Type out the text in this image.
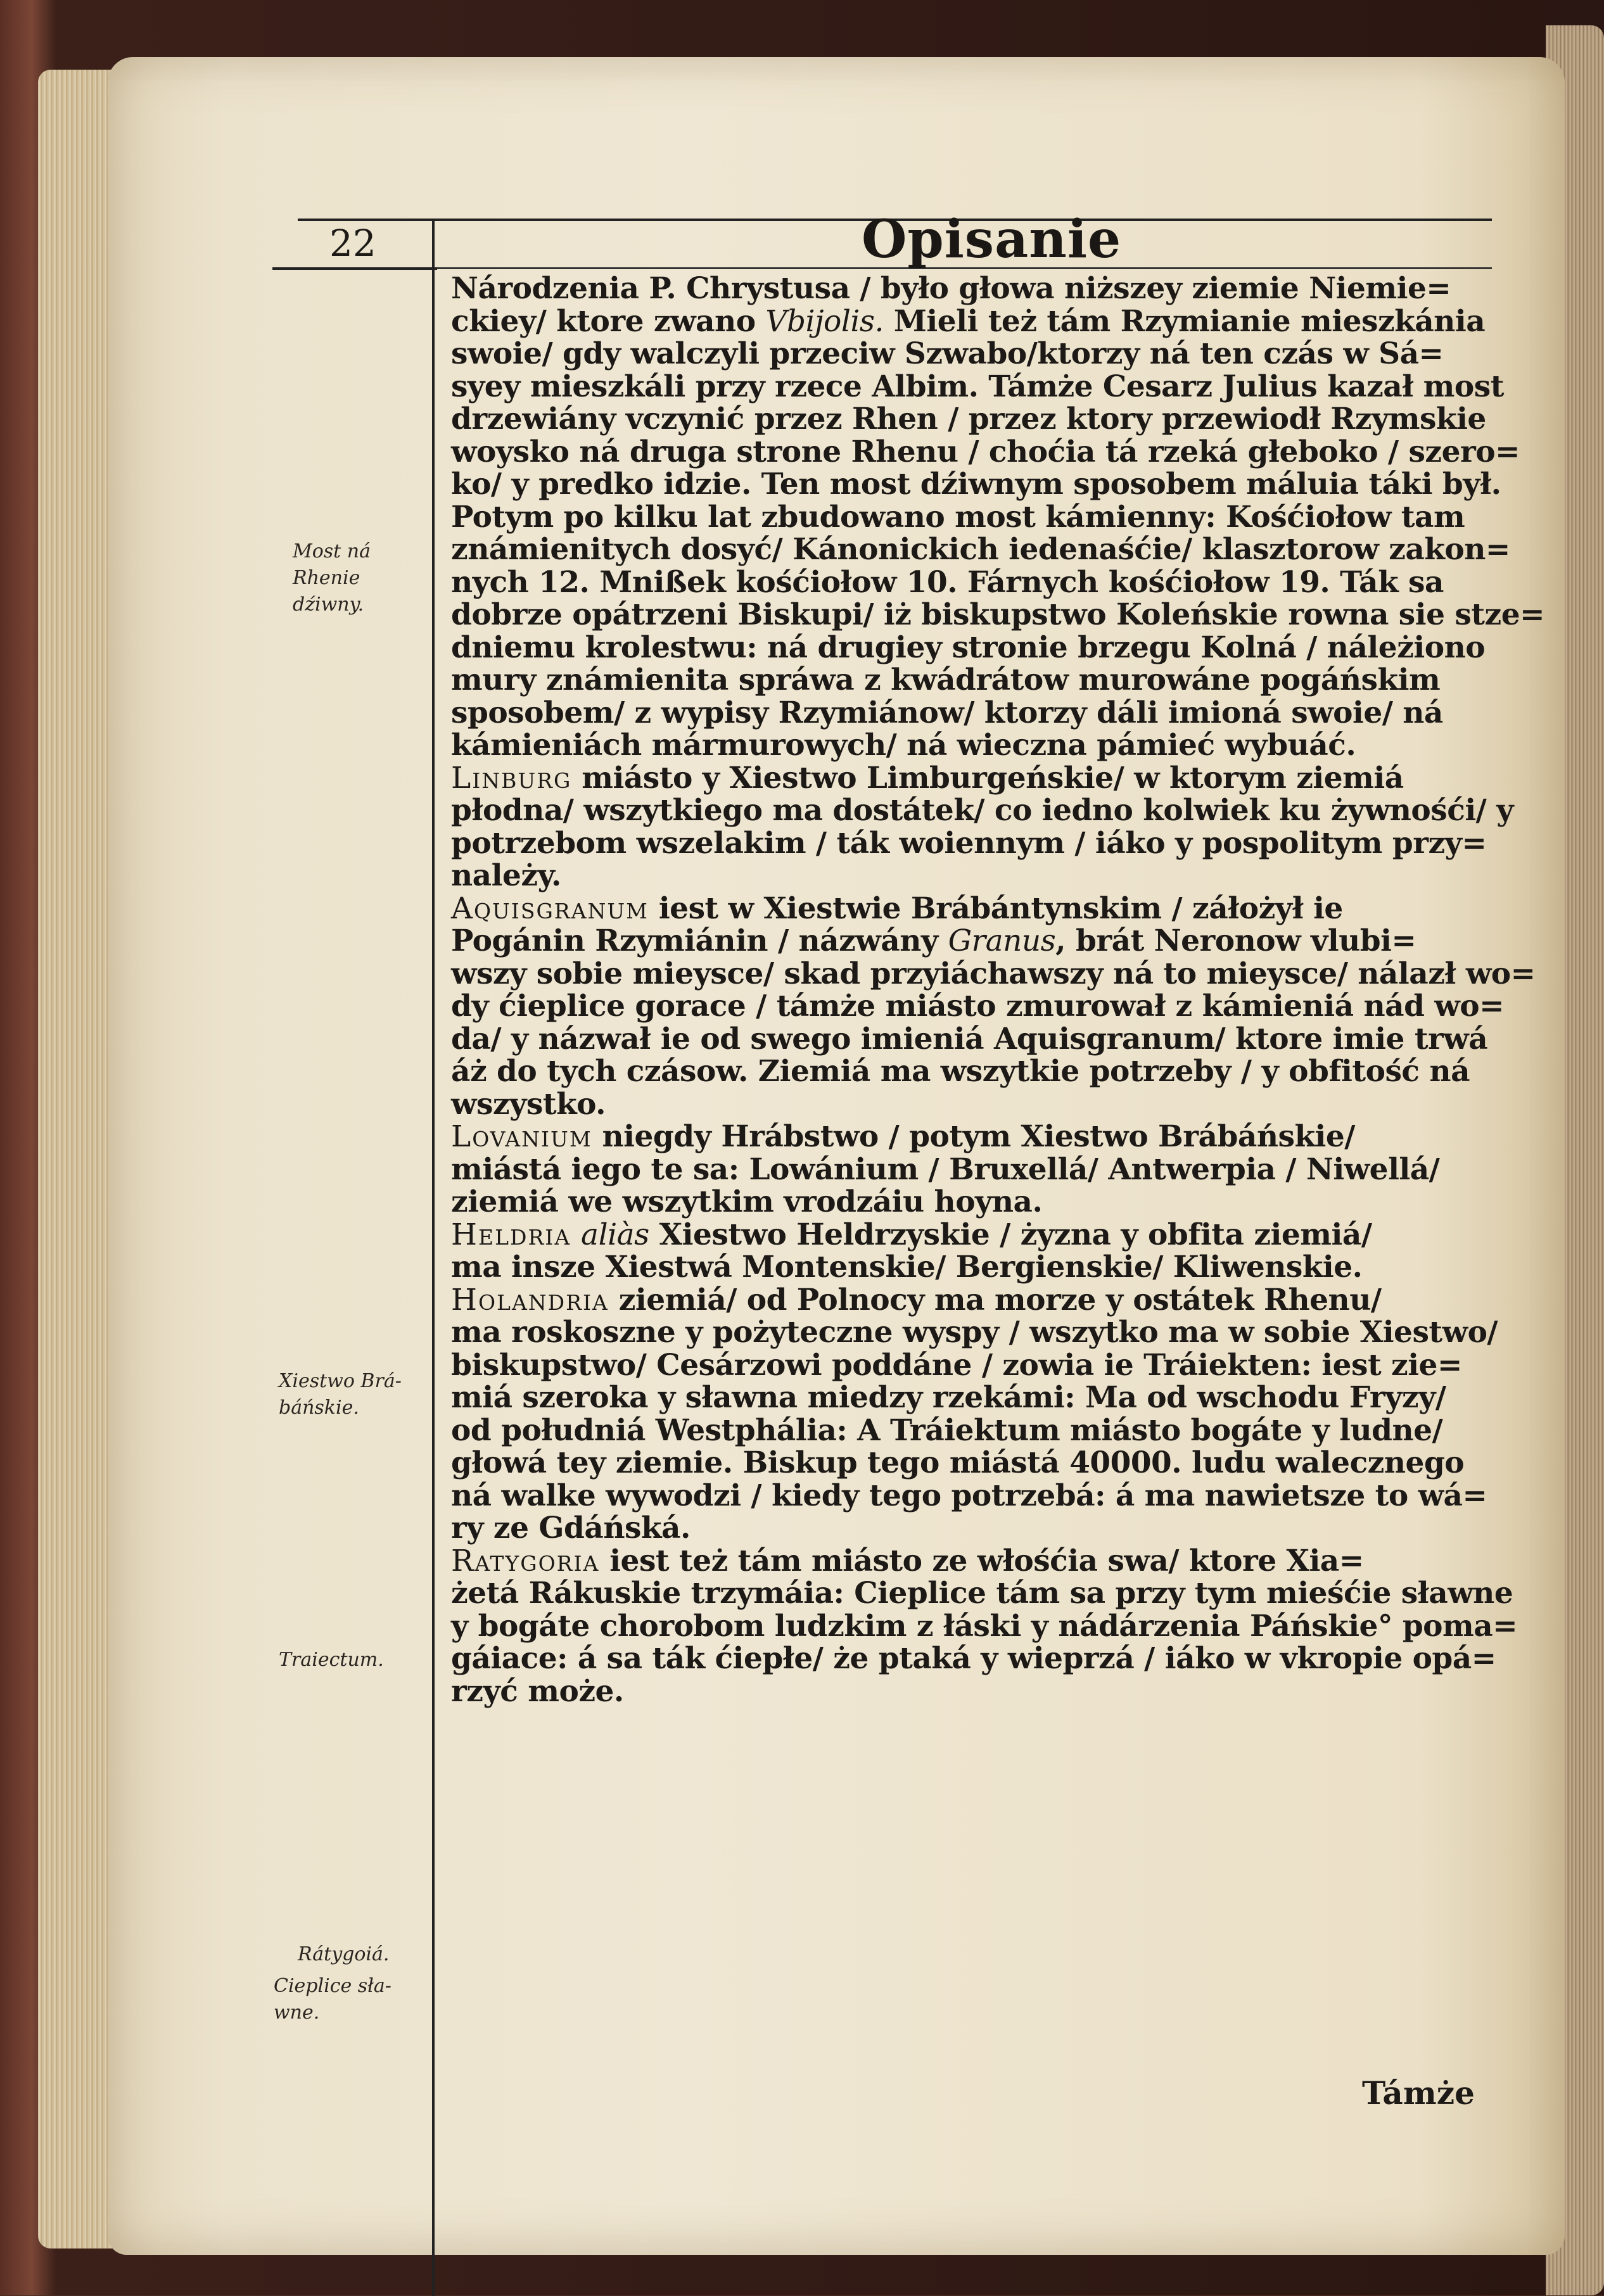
22	Opisanie
Národzenia P. Chrystusa / było głowa niższey ziemie Niemie=
ckiey/ ktore zwano Vbijolis. Mieli też tám Rzymianie mieszkánia
swoie/ gdy walczyli przeciw Szwabo/ktorzy ná ten czás w Sá=
syey mieszkáli przy rzece Albim. Támże Cesarz Julius kazał most
drzewiány vczynić przez Rhen / przez ktory przewiodł Rzymskie
woysko ná druga strone Rhenu / choćia tá rzeká głeboko / szero=
ko/ y predko idzie. Ten most dźiwnym sposobem máluia táki był.
Potym po kilku lat zbudowano most kámienny: Kośćiołow tam
známienitych dosyć/ Kánonickich iedenaśćie/ klasztorow zakon=
nych 12. Mnißek kośćiołow 10. Fárnych kośćiołow 19. Ták sa
dobrze opátrzeni Biskupi/ iż biskupstwo Koleńskie rowna sie stze=
dniemu krolestwu: ná drugiey stronie brzegu Kolná / náleżiono
mury známienita spráwa z kwádrátow murowáne pogáńskim
sposobem/ z wypisy Rzymiánow/ ktorzy dáli imioná swoie/ ná
kámieniách mármurowych/ ná wieczna pámieć wybuáć.
Linburg miásto y Xiestwo Limburgeńskie/ w ktorym ziemiá
płodna/ wszytkiego ma dostátek/ co iedno kolwiek ku żywnośći/ y
potrzebom wszelakim / ták woiennym / iáko y pospolitym przy=
należy.
Aquisgranum iest w Xiestwie Brábántynskim / záłożył ie
Pogánin Rzymiánin / názwány Granus, brát Neronow vlubi=
wszy sobie mieysce/ skad przyiáchawszy ná to mieysce/ nálazł wo=
dy ćieplice gorace / támże miásto zmurował z kámieniá nád wo=
da/ y názwał ie od swego imieniá Aquisgranum/ ktore imie trwá
áż do tych czásow. Ziemiá ma wszytkie potrzeby / y obfitość ná
wszystko.
Lovanium niegdy Hrábstwo / potym Xiestwo Brábáńskie/
miástá iego te sa: Lowánium / Bruxellá/ Antwerpia / Niwellá/
ziemiá we wszytkim vrodzáiu hoyna.
Heldria aliàs Xiestwo Heldrzyskie / żyzna y obfita ziemiá/
ma insze Xiestwá Montenskie/ Bergienskie/ Kliwenskie.
Holandria ziemiá/ od Polnocy ma morze y ostátek Rhenu/
ma roskoszne y pożyteczne wyspy / wszytko ma w sobie Xiestwo/
biskupstwo/ Cesárzowi poddáne / zowia ie Tráiekten: iest zie=
miá szeroka y sławna miedzy rzekámi: Ma od wschodu Fryzy/
od południá Westphália: A Tráiektum miásto bogáte y ludne/
głowá tey ziemie. Biskup tego miástá 40000. ludu walecznego
ná walke wywodzi / kiedy tego potrzebá: á ma nawietsze to wá=
ry ze Gdáńská.
Ratygoria iest też tám miásto ze włośćia swa/ ktore Xia=
żetá Rákuskie trzymáia: Cieplice tám sa przy tym mieśćie sławne
y bogáte chorobom ludzkim z łáski y nádárzenia Páńskie° poma=
gáiace: á sa ták ćiepłe/ że ptaká y wieprzá / iáko w vkropie opá=
rzyć może.
Most ná Rhenie dźiwny.
Xiestwo Brá-báńskie.
Traiectum.
Rátygoiá.
Cieplice sła-wne.
Támże
